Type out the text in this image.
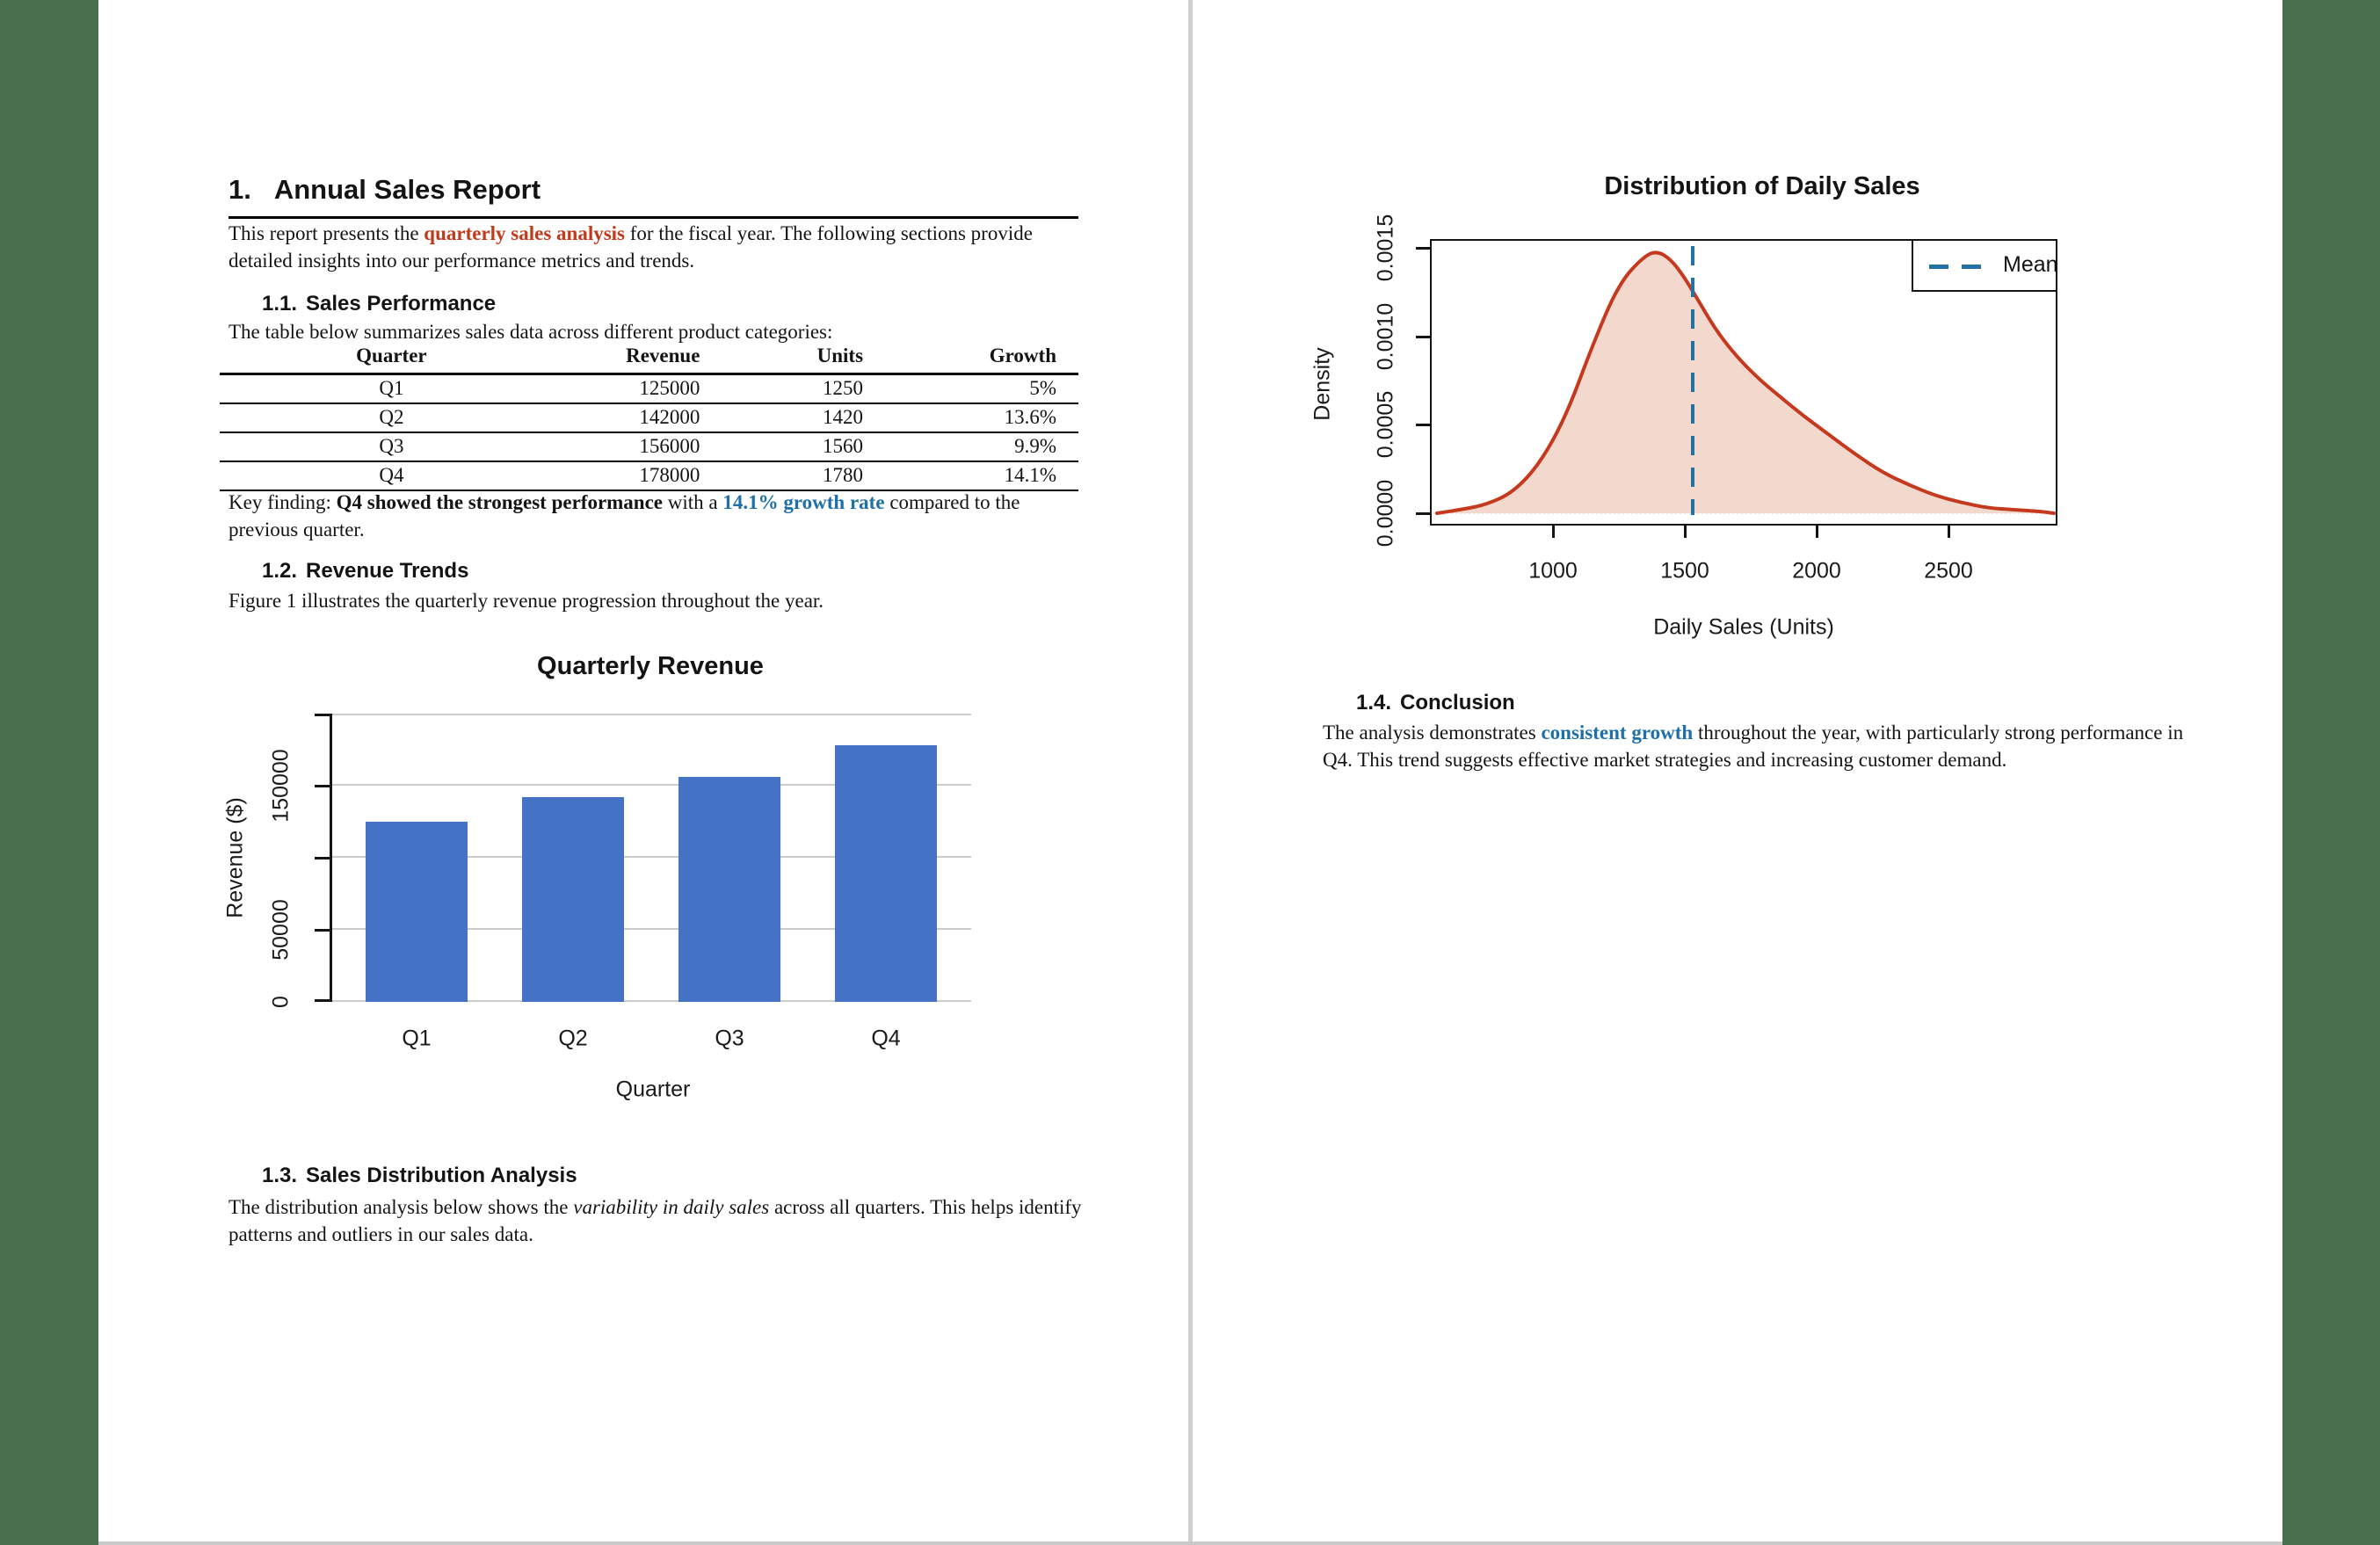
1. Annual Sales Report

This report presents the quarterly sales analysis for the fiscal year. The following sections provide detailed insights into our performance metrics and trends.

1.1. Sales Performance

The table below summarizes sales data across different product categories:

Quarter	Revenue	Units	Growth
Q1	125000	1250	5%
Q2	142000	1420	13.6%
Q3	156000	1560	9.9%
Q4	178000	1780	14.1%

Key finding: Q4 showed the strongest performance with a 14.1% growth rate compared to the previous quarter.

1.2. Revenue Trends

Figure 1 illustrates the quarterly revenue progression throughout the year.

Quarterly Revenue
Revenue ($)
Quarter
0
50000
150000
Q1	Q2	Q3	Q4
1.3. Sales Distribution Analysis

The distribution analysis below shows the variability in daily sales across all quarters. This helps identify patterns and outliers in our sales data.

Distribution of Daily Sales
Mean
Density
Daily Sales (Units)
0.0000
0.0005
0.0010
0.0015
1000	1500	2000	2500
1.4. Conclusion

The analysis demonstrates consistent growth throughout the year, with particularly strong performance in Q4. This trend suggests effective market strategies and increasing customer demand.
